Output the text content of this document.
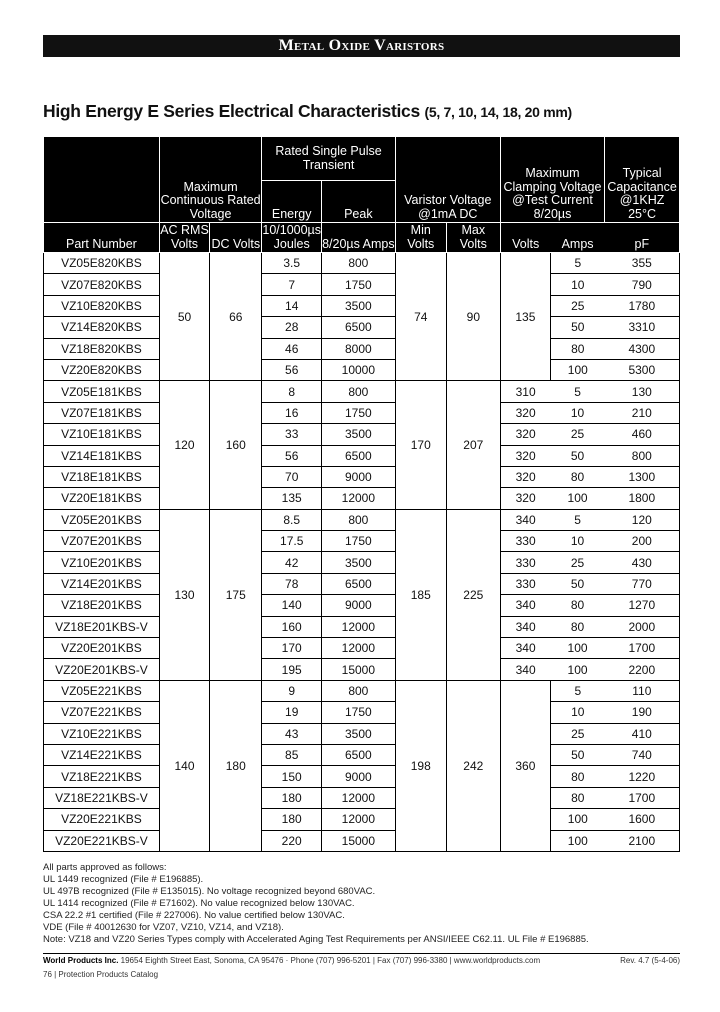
Metal Oxide Varistors
High Energy E Series Electrical Characteristics (5, 7, 10, 14, 18, 20 mm)
	Maximum Continuous Rated Voltage		Rated Single Pulse Transient		Varistor Voltage @1mA DC		Maximum Clamping Voltage @Test Current 8/20µs		Typical Capacitance @1KHZ 25°C
			Energy	Peak					
Part Number	AC RMS Volts	DC Volts	10/1000µs Joules	8/20µs Amps	Min Volts	Max Volts	Volts	Amps	pF
VZ05E820KBS	50	66	3.5	800	74	90	135	5	355
VZ07E820KBS			7	1750				10	790
VZ10E820KBS			14	3500				25	1780
VZ14E820KBS			28	6500				50	3310
VZ18E820KBS			46	8000				80	4300
VZ20E820KBS			56	10000				100	5300
VZ05E181KBS	120	160	8	800	170	207	310	5	130
VZ07E181KBS			16	1750			320	10	210
VZ10E181KBS			33	3500			320	25	460
VZ14E181KBS			56	6500			320	50	800
VZ18E181KBS			70	9000			320	80	1300
VZ20E181KBS			135	12000			320	100	1800
VZ05E201KBS	130	175	8.5	800	185	225	340	5	120
VZ07E201KBS			17.5	1750			330	10	200
VZ10E201KBS			42	3500			330	25	430
VZ14E201KBS			78	6500			330	50	770
VZ18E201KBS			140	9000			340	80	1270
VZ18E201KBS-V			160	12000			340	80	2000
VZ20E201KBS			170	12000			340	100	1700
VZ20E201KBS-V			195	15000			340	100	2200
VZ05E221KBS	140	180	9	800	198	242	360	5	110
VZ07E221KBS			19	1750				10	190
VZ10E221KBS			43	3500				25	410
VZ14E221KBS			85	6500				50	740
VZ18E221KBS			150	9000				80	1220
VZ18E221KBS-V			180	12000				80	1700
VZ20E221KBS			180	12000				100	1600
VZ20E221KBS-V			220	15000				100	2100
All parts approved as follows:
UL 1449 recognized (File # E196885).
UL 497B recognized (File # E135015). No voltage recognized beyond 680VAC.
UL 1414 recognized (File # E71602). No value recognized below 130VAC.
CSA 22.2 #1 certified (File # 227006). No value certified below 130VAC.
VDE (File # 40012630 for VZ07, VZ10, VZ14, and VZ18).
Note: VZ18 and VZ20 Series Types comply with Accelerated Aging Test Requirements per ANSI/IEEE C62.11. UL File # E196885.
World Products Inc. 19654 Eighth Street East, Sonoma, CA 95476 · Phone (707) 996-5201 | Fax (707) 996-3380 | www.worldproducts.com	Rev. 4.7 (5-4-06)
76 | Protection Products Catalog
